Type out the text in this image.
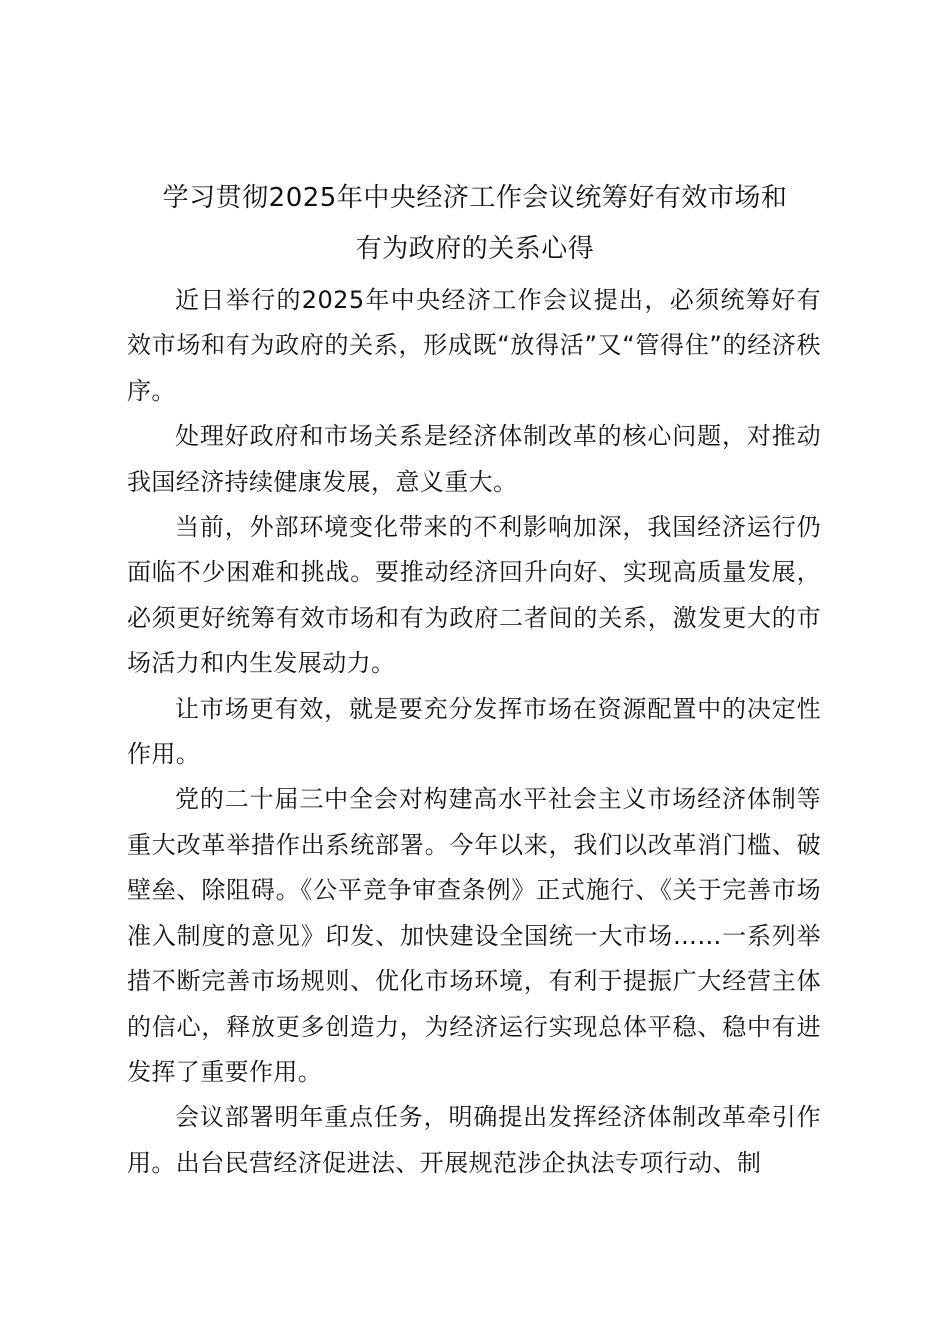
学习贯彻2025年中央经济工作会议统筹好有效市场和
有为政府的关系心得

近日举行的2025年中央经济工作会议提出，必须统筹好有效市场和有为政府的关系，形成既“放得活”又“管得住”的经济秩序。

处理好政府和市场关系是经济体制改革的核心问题，对推动我国经济持续健康发展，意义重大。

当前，外部环境变化带来的不利影响加深，我国经济运行仍面临不少困难和挑战。要推动经济回升向好、实现高质量发展，必须更好统筹有效市场和有为政府二者间的关系，激发更大的市场活力和内生发展动力。

让市场更有效，就是要充分发挥市场在资源配置中的决定性作用。

党的二十届三中全会对构建高水平社会主义市场经济体制等重大改革举措作出系统部署。今年以来，我们以改革消门槛、破壁垒、除阻碍。《公平竞争审查条例》正式施行、《关于完善市场准入制度的意见》印发、加快建设全国统一大市场……一系列举措不断完善市场规则、优化市场环境，有利于提振广大经营主体的信心，释放更多创造力，为经济运行实现总体平稳、稳中有进发挥了重要作用。

会议部署明年重点任务，明确提出发挥经济体制改革牵引作用。出台民营经济促进法、开展规范涉企执法专项行动、制
